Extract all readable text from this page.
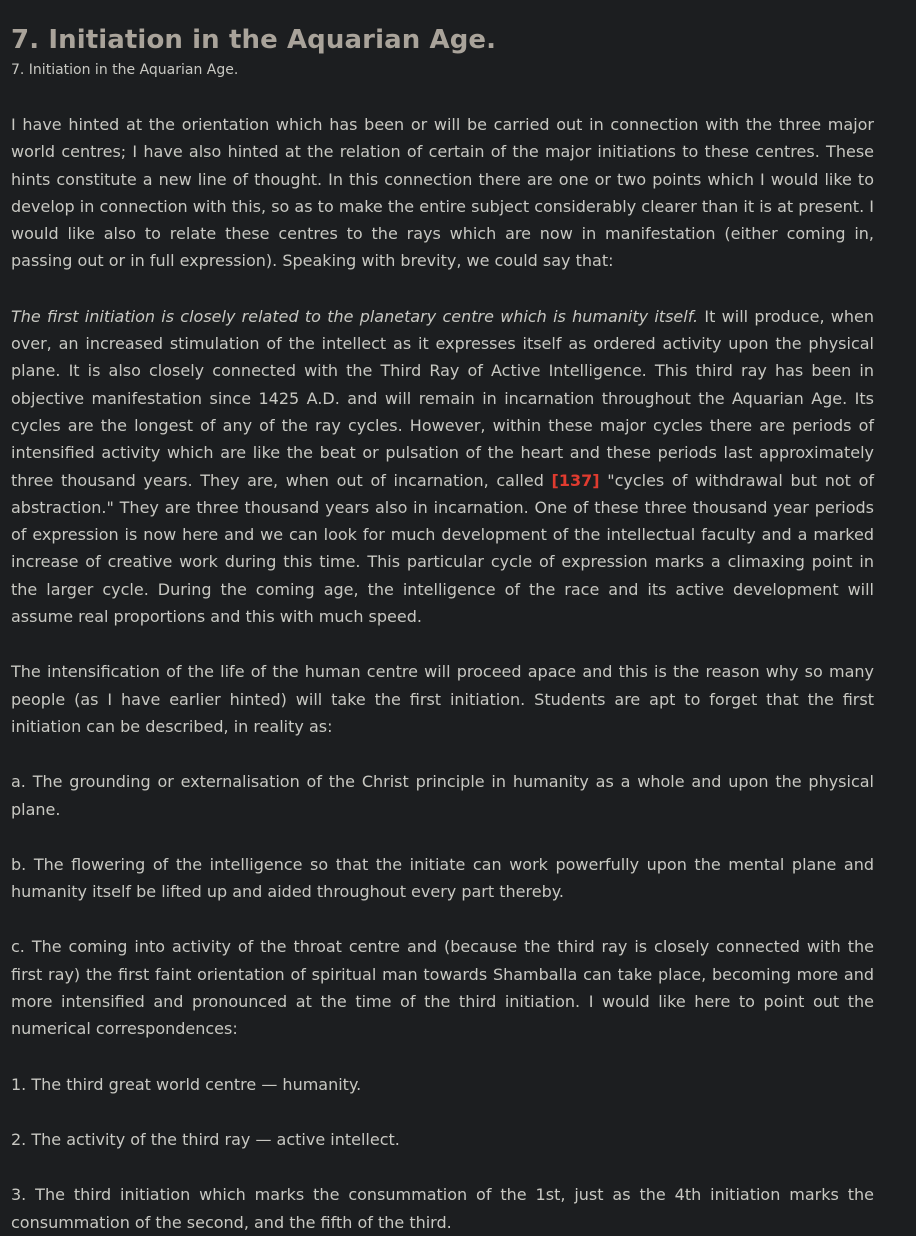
7. Initiation in the Aquarian Age.
7. Initiation in the Aquarian Age.

I have hinted at the orientation which has been or will be carried out in connection with the three major world centres; I have also hinted at the relation of certain of the major initiations to these centres. These hints constitute a new line of thought. In this connection there are one or two points which I would like to develop in connection with this, so as to make the entire subject considerably clearer than it is at present. I would like also to relate these centres to the rays which are now in manifestation (either coming in, passing out or in full expression). Speaking with brevity, we could say that:

The first initiation is closely related to the planetary centre which is humanity itself. It will produce, when over, an increased stimulation of the intellect as it expresses itself as ordered activity upon the physical plane. It is also closely connected with the Third Ray of Active Intelligence. This third ray has been in objective manifestation since 1425 A.D. and will remain in incarnation throughout the Aquarian Age. Its cycles are the longest of any of the ray cycles. However, within these major cycles there are periods of intensified activity which are like the beat or pulsation of the heart and these periods last approximately three thousand years. They are, when out of incarnation, called [137] "cycles of withdrawal but not of abstraction." They are three thousand years also in incarnation. One of these three thousand year periods of expression is now here and we can look for much development of the intellectual faculty and a marked increase of creative work during this time. This particular cycle of expression marks a climaxing point in the larger cycle. During the coming age, the intelligence of the race and its active development will assume real proportions and this with much speed.

The intensification of the life of the human centre will proceed apace and this is the reason why so many people (as I have earlier hinted) will take the first initiation. Students are apt to forget that the first initiation can be described, in reality as:

a. The grounding or externalisation of the Christ principle in humanity as a whole and upon the physical plane.

b. The flowering of the intelligence so that the initiate can work powerfully upon the mental plane and humanity itself be lifted up and aided throughout every part thereby.

c. The coming into activity of the throat centre and (because the third ray is closely connected with the first ray) the first faint orientation of spiritual man towards Shamballa can take place, becoming more and more intensified and pronounced at the time of the third initiation. I would like here to point out the numerical correspondences:

1. The third great world centre — humanity.

2. The activity of the third ray — active intellect.

3. The third initiation which marks the consummation of the 1st, just as the 4th initiation marks the consummation of the second, and the fifth of the third.
